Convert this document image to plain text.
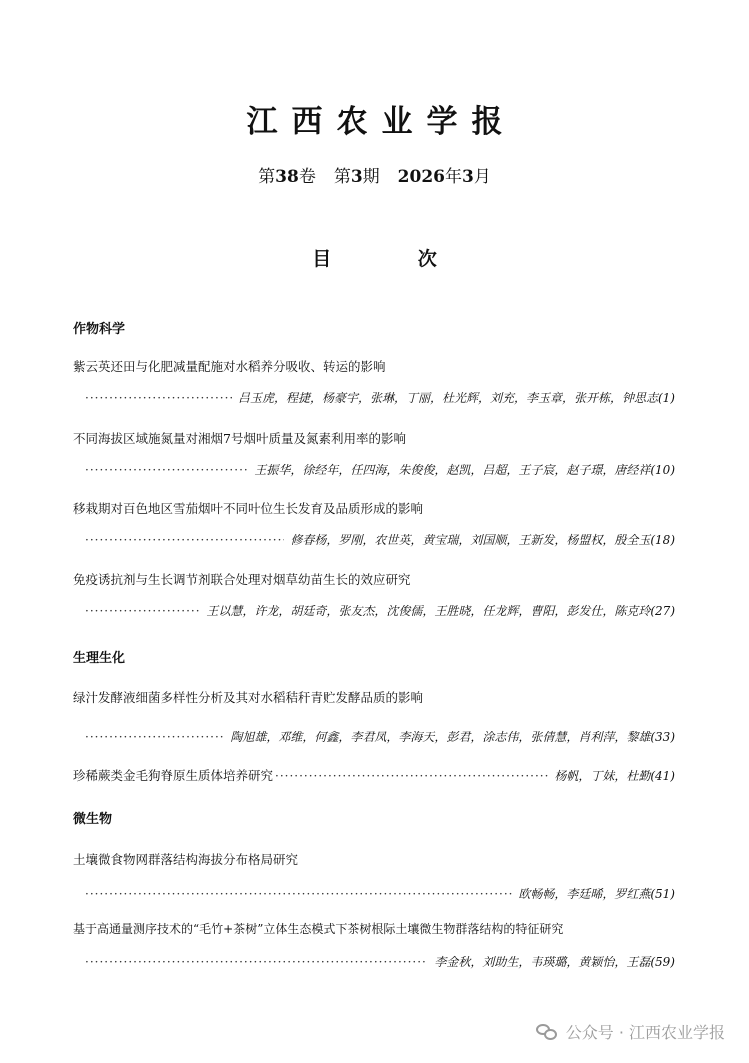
江西农业学报
第38卷 第3期 2026年3月
目 次
作物科学
紫云英还田与化肥减量配施对水稻养分吸收、转运的影响
·····
吕玉虎，程捷，杨豪宇，张琳，丁丽，杜光辉，刘充，李玉章，张开栋，钟思志(1)
不同海拔区域施氮量对湘烟7号烟叶质量及氮素利用率的影响
·····
王振华，徐经年，任四海，朱俊俊，赵凯，吕超，王子宸，赵子璟，唐经祥(10)
移栽期对百色地区雪茄烟叶不同叶位生长发育及品质形成的影响
·····
修春杨，罗刚，农世英，黄宝瑞，刘国顺，王新发，杨盟权，殷全玉(18)
免疫诱抗剂与生长调节剂联合处理对烟草幼苗生长的效应研究
·····
王以慧，许龙，胡廷奇，张友杰，沈俊儒，王胜晓，任龙辉，曹阳，彭发仕，陈克玲(27)
生理生化
绿汁发酵液细菌多样性分析及其对水稻秸秆青贮发酵品质的影响
·····
陶旭雄，邓维，何鑫，李君凤，李海天，彭君，涂志伟，张倩慧，肖利萍，黎雄(33)
珍稀蕨类金毛狗脊原生质体培养研究
·····	杨帆，丁妹，杜勤(41)
微生物
土壤微食物网群落结构海拔分布格局研究
·····
欧畅畅，李廷晞，罗红燕(51)
基于高通量测序技术的“毛竹+茶树”立体生态模式下茶树根际土壤微生物群落结构的特征研究
·····
李金秋，刘助生，韦瑛璐，黄颖怡，王磊(59)
公众号 · 江西农业学报
